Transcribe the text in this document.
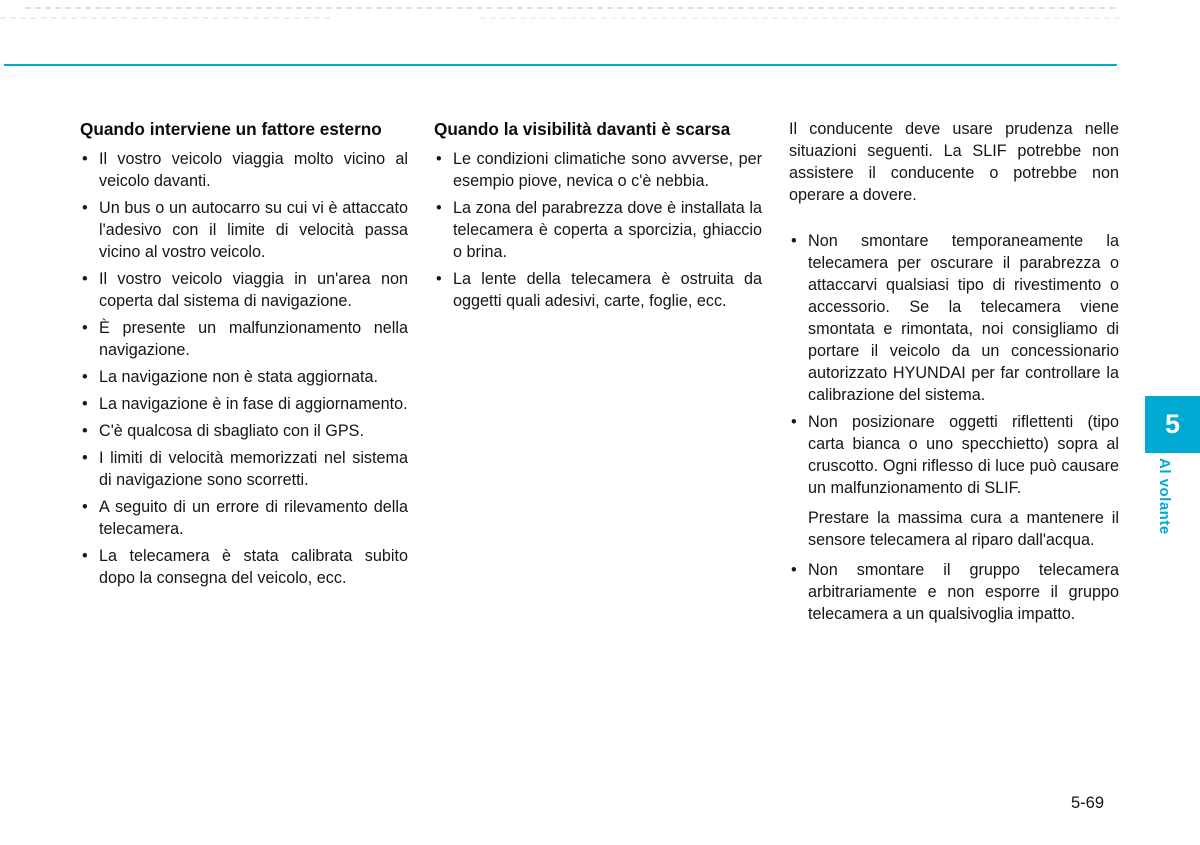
Quando interviene un fattore esterno
• Il vostro veicolo viaggia molto vicino al veicolo davanti.
• Un bus o un autocarro su cui vi è attaccato l'adesivo con il limite di velocità passa vicino al vostro veicolo.
• Il vostro veicolo viaggia in un'area non coperta dal sistema di navigazione.
• È presente un malfunzionamento nella navigazione.
• La navigazione non è stata aggiornata.
• La navigazione è in fase di aggiornamento.
• C'è qualcosa di sbagliato con il GPS.
• I limiti di velocità memorizzati nel sistema di navigazione sono scorretti.
• A seguito di un errore di rilevamento della telecamera.
• La telecamera è stata calibrata subito dopo la consegna del veicolo, ecc.
Quando la visibilità davanti è scarsa
• Le condizioni climatiche sono avverse, per esempio piove, nevica o c'è nebbia.
• La zona del parabrezza dove è installata la telecamera è coperta a sporcizia, ghiaccio o brina.
• La lente della telecamera è ostruita da oggetti quali adesivi, carte, foglie, ecc.

Il conducente deve usare prudenza nelle situazioni seguenti. La SLIF potrebbe non assistere il conducente o potrebbe non operare a dovere.

• Non smontare temporaneamente la telecamera per oscurare il parabrezza o attaccarvi qualsiasi tipo di rivestimento o accessorio. Se la telecamera viene smontata e rimontata, noi consigliamo di portare il veicolo da un concessionario autorizzato HYUNDAI per far controllare la calibrazione del sistema.
• Non posizionare oggetti riflettenti (tipo carta bianca o uno specchietto) sopra al cruscotto. Ogni riflesso di luce può causare un malfunzionamento di SLIF.
Prestare la massima cura a mantenere il sensore telecamera al riparo dall'acqua.
• Non smontare il gruppo telecamera arbitrariamente e non esporre il gruppo telecamera a un qualsivoglia impatto.
5
Al volante
5-69
